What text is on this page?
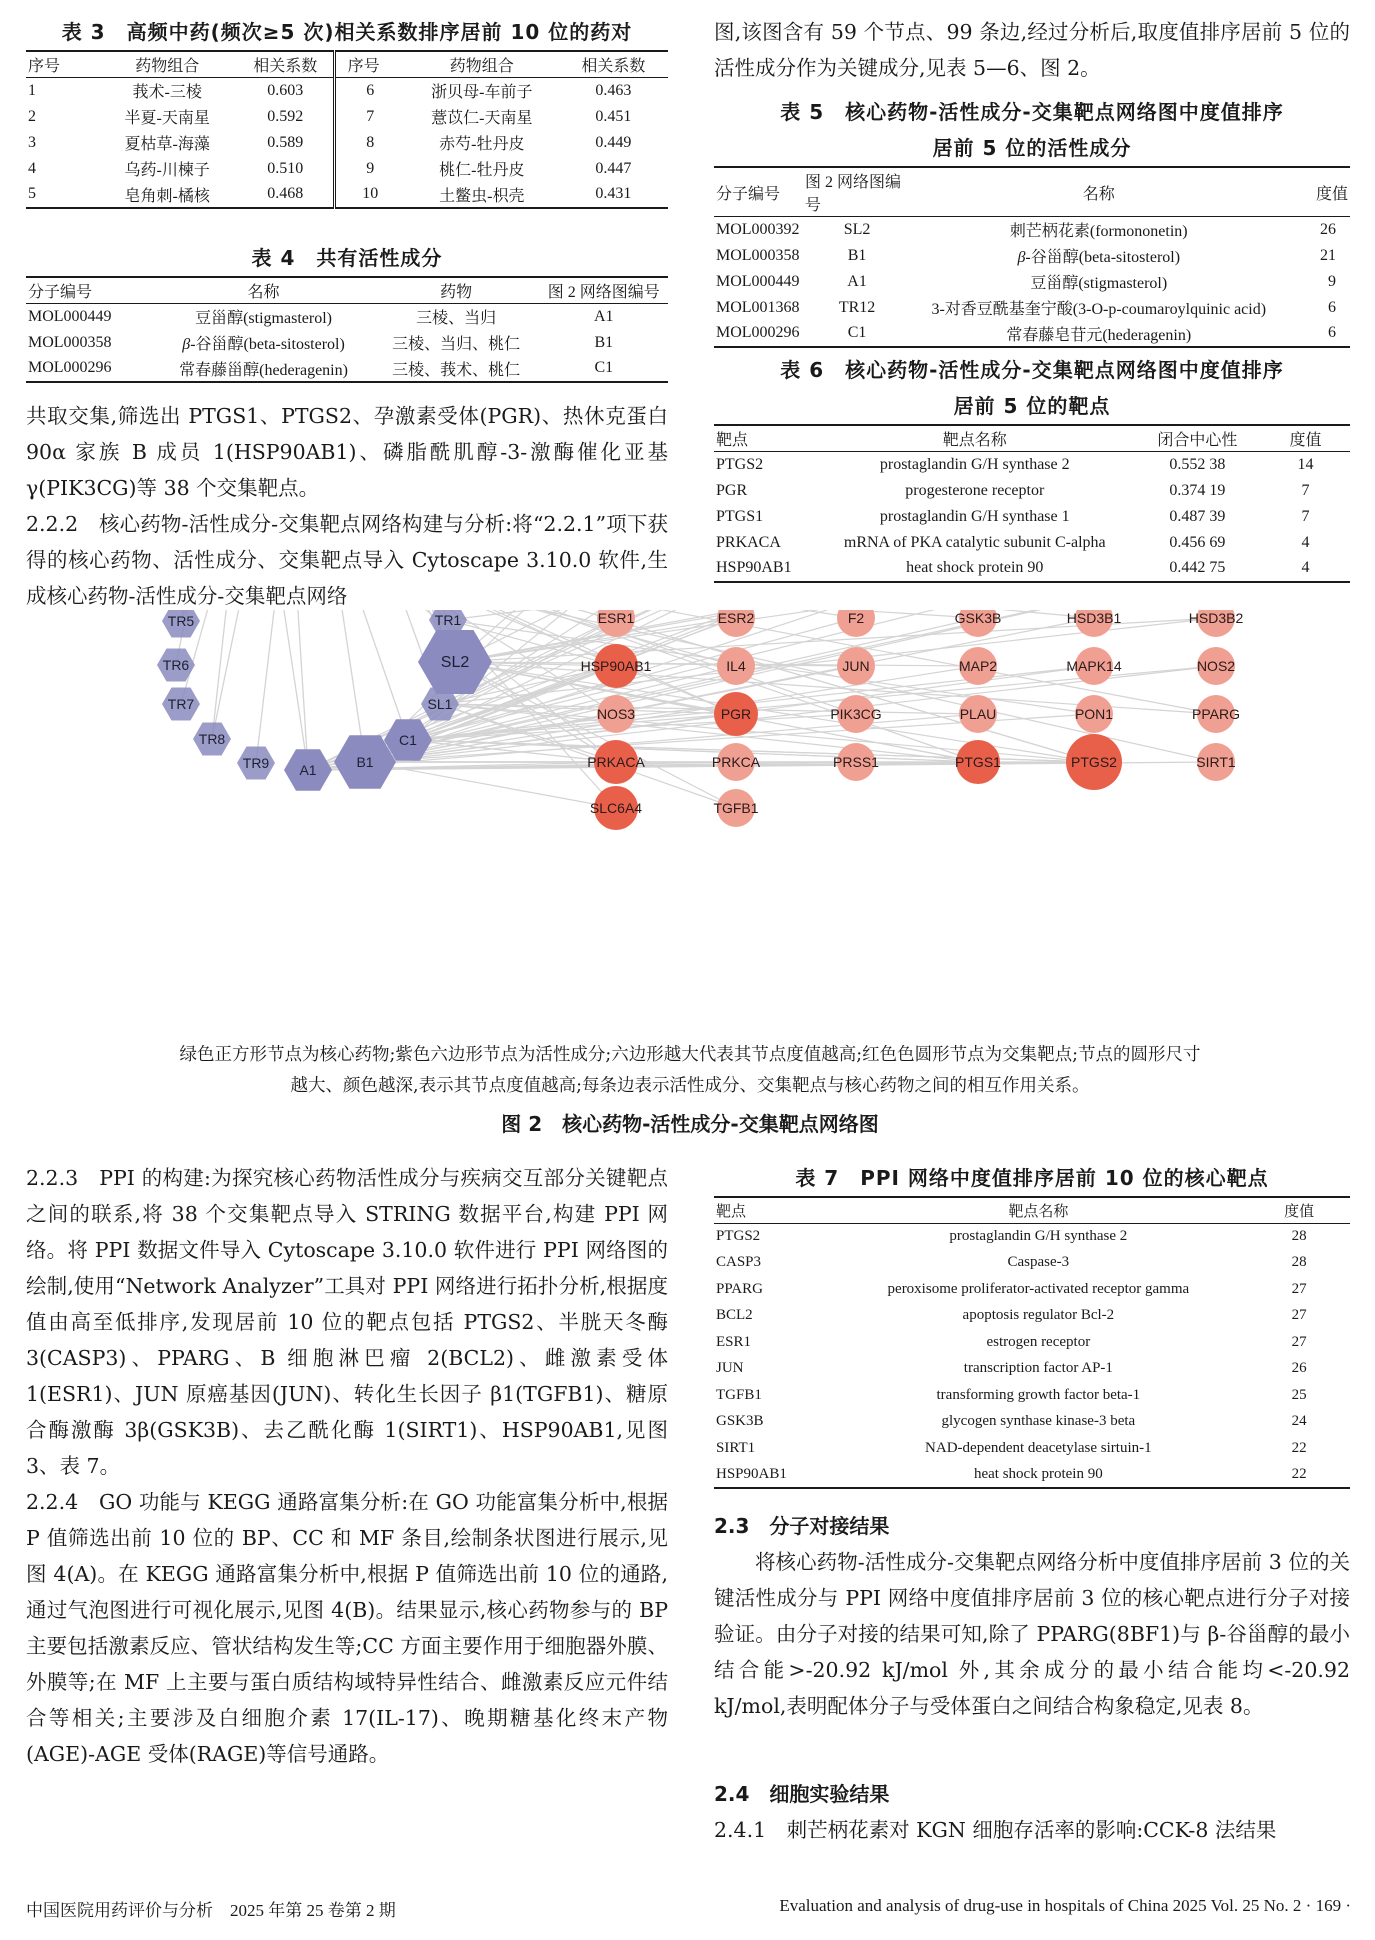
表 3　高频中药(频次≥5 次)相关系数排序居前 10 位的药对
序号	药物组合	相关系数	序号	药物组合	相关系数
1	莪术-三棱	0.603	6	浙贝母-车前子	0.463
2	半夏-天南星	0.592	7	薏苡仁-天南星	0.451
3	夏枯草-海藻	0.589	8	赤芍-牡丹皮	0.449
4	乌药-川楝子	0.510	9	桃仁-牡丹皮	0.447
5	皂角刺-橘核	0.468	10	土鳖虫-枳壳	0.431
表 4　共有活性成分
分子编号	名称	药物	图 2 网络图编号
MOL000449	豆甾醇(stigmasterol)	三棱、当归	A1
MOL000358	β-谷甾醇(beta-sitosterol)	三棱、当归、桃仁	B1
MOL000296	常春藤甾醇(hederagenin)	三棱、莪术、桃仁	C1

共取交集,筛选出 PTGS1、PTGS2、孕激素受体(PGR)、热休克蛋白 90α 家族 B 成员 1(HSP90AB1)、磷脂酰肌醇-3-激酶催化亚基 γ(PIK3CG)等 38 个交集靶点。

2.2.2　核心药物-活性成分-交集靶点网络构建与分析:将“2.2.1”项下获得的核心药物、活性成分、交集靶点导入 Cytoscape 3.10.0 软件,生成核心药物-活性成分-交集靶点网络

图,该图含有 59 个节点、99 条边,经过分析后,取度值排序居前 5 位的活性成分作为关键成分,见表 5—6、图 2。

表 5　核心药物-活性成分-交集靶点网络图中度值排序
居前 5 位的活性成分
分子编号	图 2 网络图编号	名称	度值
MOL000392	SL2	刺芒柄花素(formononetin)	26
MOL000358	B1	β-谷甾醇(beta-sitosterol)	21
MOL000449	A1	豆甾醇(stigmasterol)	9
MOL001368	TR12	3-对香豆酰基奎宁酸(3-O-p-coumaroylquinic acid)	6
MOL000296	C1	常春藤皂苷元(hederagenin)	6
表 6　核心药物-活性成分-交集靶点网络图中度值排序
居前 5 位的靶点
靶点	靶点名称	闭合中心性	度值
PTGS2	prostaglandin G/H synthase 2	0.552 38	14
PGR	progesterone receptor	0.374 19	7
PTGS1	prostaglandin G/H synthase 1	0.487 39	7
PRKACA	mRNA of PKA catalytic subunit C-alpha	0.456 69	4
HSP90AB1	heat shock protein 90	0.442 75	4
ESR1	ESR2	F2	GSK3B	HSD3B1	HSD3B2
HSP90AB1	IL4	JUN	MAP2	MAPK14	NOS2
NOS3	PGR	PIK3CG	PLAU	PON1	PPARG
PRKACA	PRKCA	PRSS1	PTGS1	PTGS2	SIRT1
SLC6A4	TGFB1
TR5	TR1
TR6	SL2
TR7	SL1
TR8	C1
TR9 A1	B1
绿色正方形节点为核心药物;紫色六边形节点为活性成分;六边形越大代表其节点度值越高;红色色圆形节点为交集靶点;节点的圆形尺寸
越大、颜色越深,表示其节点度值越高;每条边表示活性成分、交集靶点与核心药物之间的相互作用关系。
图 2　核心药物-活性成分-交集靶点网络图

2.2.3　PPI 的构建:为探究核心药物活性成分与疾病交互部分关键靶点之间的联系,将 38 个交集靶点导入 STRING 数据平台,构建 PPI 网络。将 PPI 数据文件导入 Cytoscape 3.10.0 软件进行 PPI 网络图的绘制,使用“Network Analyzer”工具对 PPI 网络进行拓扑分析,根据度值由高至低排序,发现居前 10 位的靶点包括 PTGS2、半胱天冬酶 3(CASP3)、PPARG、B 细胞淋巴瘤 2(BCL2)、雌激素受体 1(ESR1)、JUN 原癌基因(JUN)、转化生长因子 β1(TGFB1)、糖原合酶激酶 3β(GSK3B)、去乙酰化酶 1(SIRT1)、HSP90AB1,见图 3、表 7。

2.2.4　GO 功能与 KEGG 通路富集分析:在 GO 功能富集分析中,根据 P 值筛选出前 10 位的 BP、CC 和 MF 条目,绘制条状图进行展示,见图 4(A)。在 KEGG 通路富集分析中,根据 P 值筛选出前 10 位的通路,通过气泡图进行可视化展示,见图 4(B)。结果显示,核心药物参与的 BP 主要包括激素反应、管状结构发生等;CC 方面主要作用于细胞器外膜、外膜等;在 MF 上主要与蛋白质结构域特异性结合、雌激素反应元件结合等相关;主要涉及白细胞介素 17(IL-17)、晚期糖基化终末产物(AGE)-AGE 受体(RAGE)等信号通路。

表 7　PPI 网络中度值排序居前 10 位的核心靶点
靶点	靶点名称	度值
PTGS2	prostaglandin G/H synthase 2	28
CASP3	Caspase-3	28
PPARG	peroxisome proliferator-activated receptor gamma	27
BCL2	apoptosis regulator Bcl-2	27
ESR1	estrogen receptor	27
JUN	transcription factor AP-1	26
TGFB1	transforming growth factor beta-1	25
GSK3B	glycogen synthase kinase-3 beta	24
SIRT1	NAD-dependent deacetylase sirtuin-1	22
HSP90AB1	heat shock protein 90	22
2.3　分子对接结果

将核心药物-活性成分-交集靶点网络分析中度值排序居前 3 位的关键活性成分与 PPI 网络中度值排序居前 3 位的核心靶点进行分子对接验证。由分子对接的结果可知,除了 PPARG(8BF1)与 β-谷甾醇的最小结合能>-20.92 kJ/mol 外,其余成分的最小结合能均<-20.92 kJ/mol,表明配体分子与受体蛋白之间结合构象稳定,见表 8。

2.4　细胞实验结果

2.4.1　刺芒柄花素对 KGN 细胞存活率的影响:CCK-8 法结果

中国医院用药评价与分析　2025 年第 25 卷第 2 期	Evaluation and analysis of drug-use in hospitals of China 2025 Vol. 25 No. 2 · 169 ·
